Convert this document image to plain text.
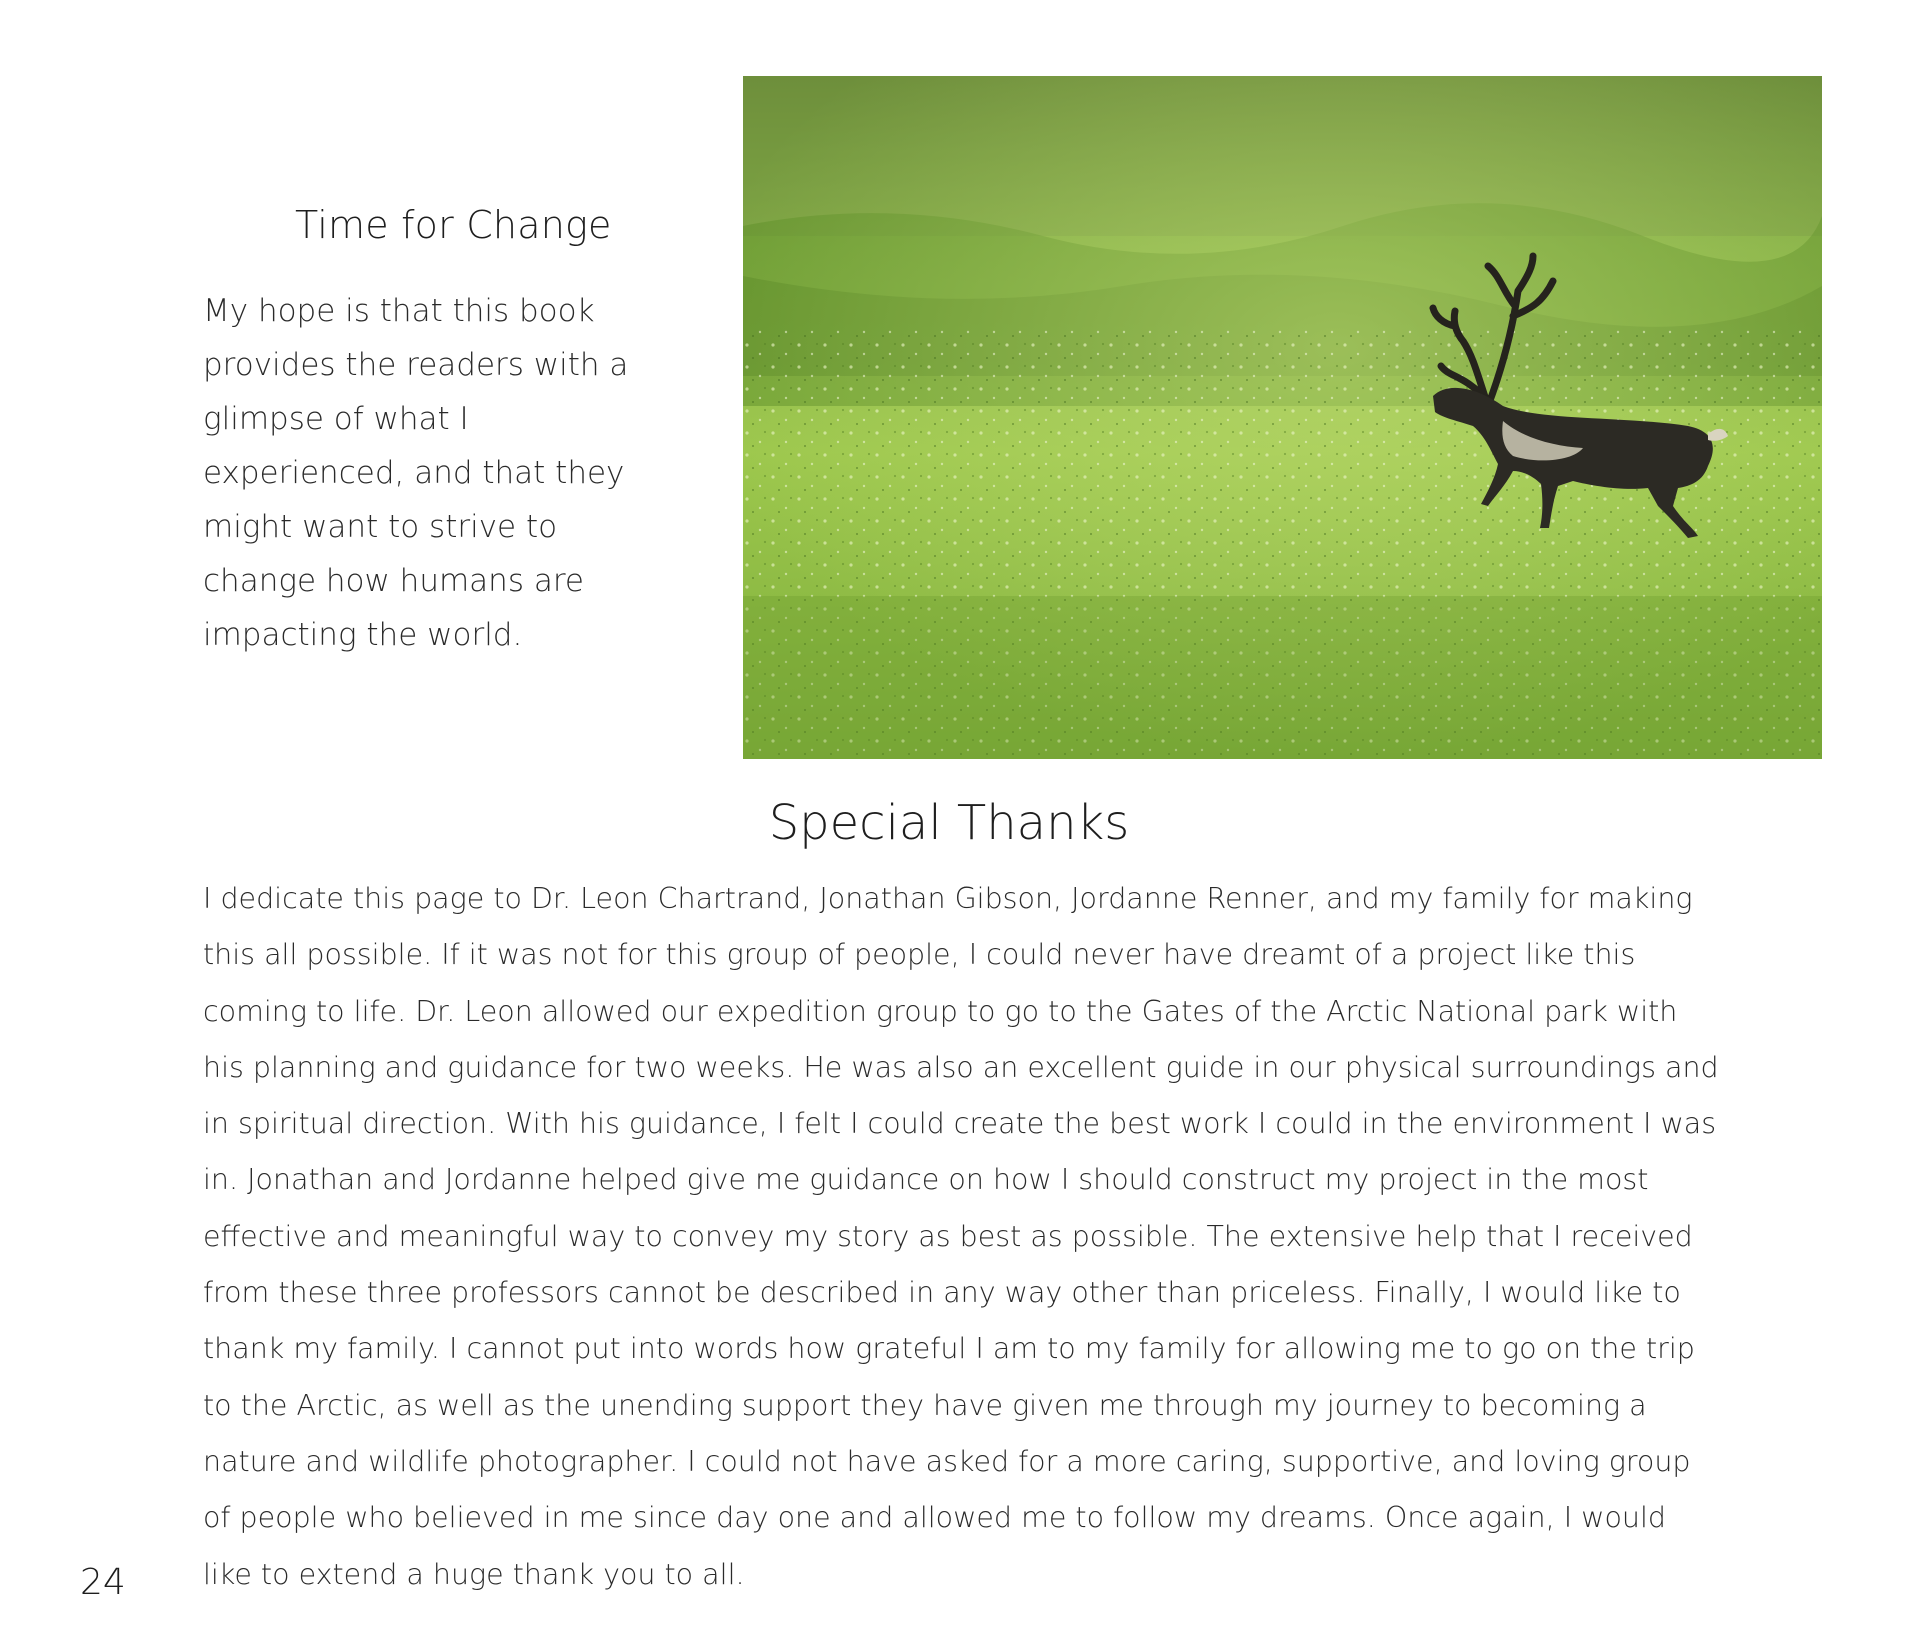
Time for Change

My hope is that this book provides the readers with a glimpse of what I experienced, and that they might want to strive to change how humans are impacting the world.

Special Thanks

I dedicate this page to Dr. Leon Chartrand, Jonathan Gibson, Jordanne Renner, and my family for making this all possible. If it was not for this group of people, I could never have dreamt of a project like this coming to life. Dr. Leon allowed our expedition group to go to the Gates of the Arctic National park with his planning and guidance for two weeks. He was also an excellent guide in our physical surroundings and in spiritual direction. With his guidance, I felt I could create the best work I could in the environment I was in. Jonathan and Jordanne helped give me guidance on how I should construct my project in the most effective and meaningful way to convey my story as best as possible. The extensive help that I received from these three professors cannot be described in any way other than priceless. Finally, I would like to thank my family. I cannot put into words how grateful I am to my family for allowing me to go on the trip to the Arctic, as well as the unending support they have given me through my journey to becoming a nature and wildlife photographer. I could not have asked for a more caring, supportive, and loving group of people who believed in me since day one and allowed me to follow my dreams. Once again, I would like to extend a huge thank you to all.

24
